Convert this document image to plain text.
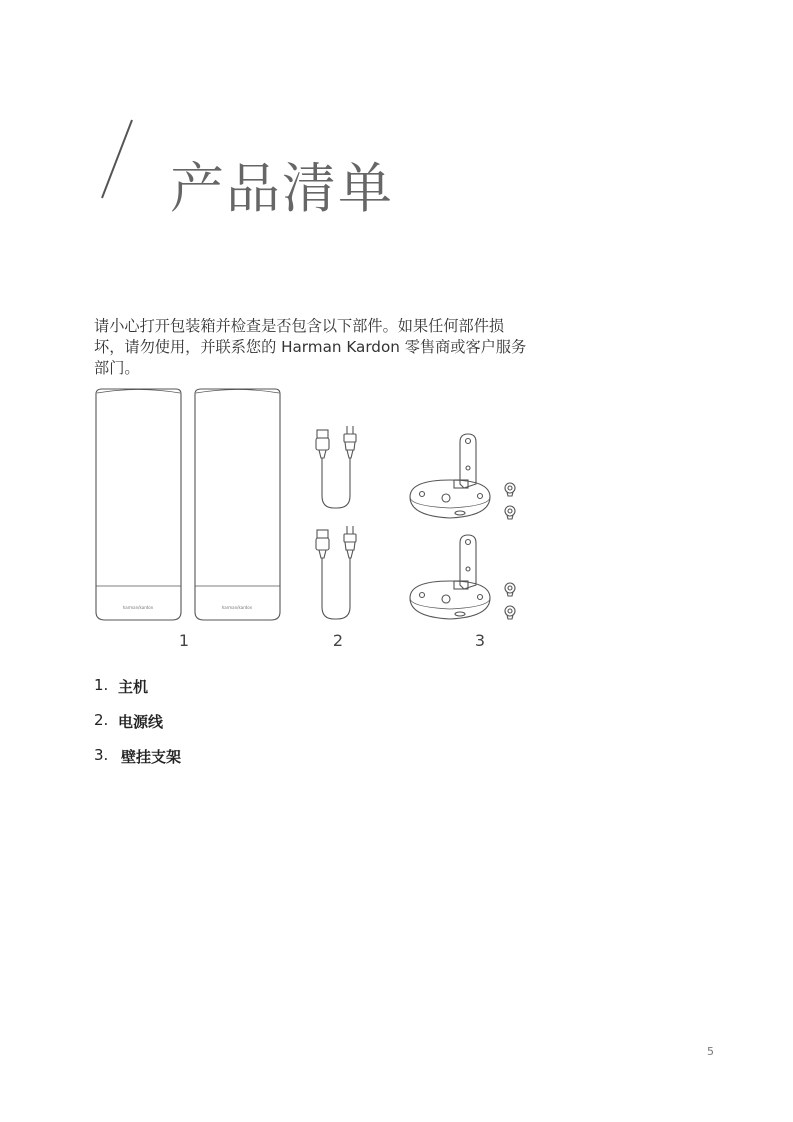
产品清单

请小心打开包装箱并检查是否包含以下部件。如果任何部件损
坏，请勿使用，并联系您的 Harman Kardon 零售商或客户服务
部门。

harman/kardon	harman/kardon
1	2	3
1. 主机
2. 电源线
3. 壁挂支架
5
